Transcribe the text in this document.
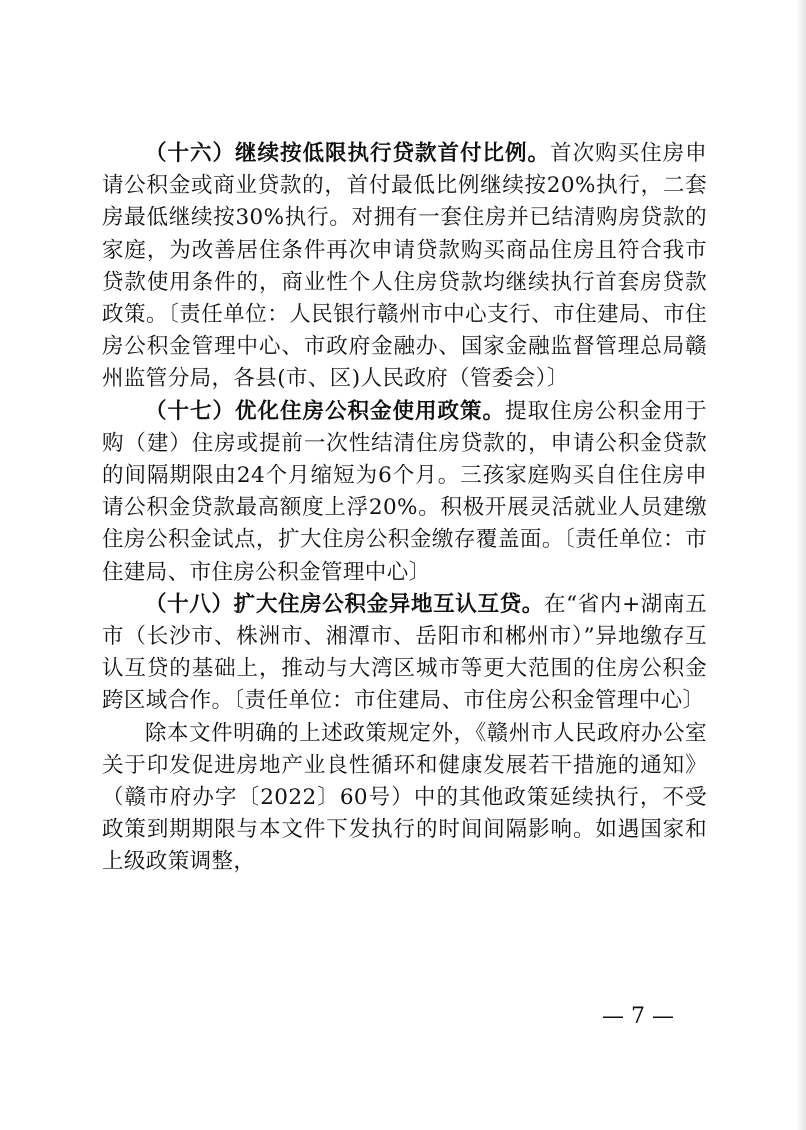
（十六）继续按低限执行贷款首付比例。首次购买住房申请公积金或商业贷款的，首付最低比例继续按20%执行，二套房最低继续按30%执行。对拥有一套住房并已结清购房贷款的家庭，为改善居住条件再次申请贷款购买商品住房且符合我市贷款使用条件的，商业性个人住房贷款均继续执行首套房贷款政策。〔责任单位：人民银行赣州市中心支行、市住建局、市住房公积金管理中心、市政府金融办、国家金融监督管理总局赣州监管分局，各县(市、区)人民政府（管委会）〕

（十七）优化住房公积金使用政策。提取住房公积金用于购（建）住房或提前一次性结清住房贷款的，申请公积金贷款的间隔期限由24个月缩短为6个月。三孩家庭购买自住住房申请公积金贷款最高额度上浮20%。积极开展灵活就业人员建缴住房公积金试点，扩大住房公积金缴存覆盖面。〔责任单位：市住建局、市住房公积金管理中心〕

（十八）扩大住房公积金异地互认互贷。在“省内+湖南五市（长沙市、株洲市、湘潭市、岳阳市和郴州市）”异地缴存互认互贷的基础上，推动与大湾区城市等更大范围的住房公积金跨区域合作。〔责任单位：市住建局、市住房公积金管理中心〕

除本文件明确的上述政策规定外，《赣州市人民政府办公室关于印发促进房地产业良性循环和健康发展若干措施的通知》（赣市府办字〔2022〕60号）中的其他政策延续执行，不受政策到期期限与本文件下发执行的时间间隔影响。如遇国家和上级政策调整，

— 7 —
